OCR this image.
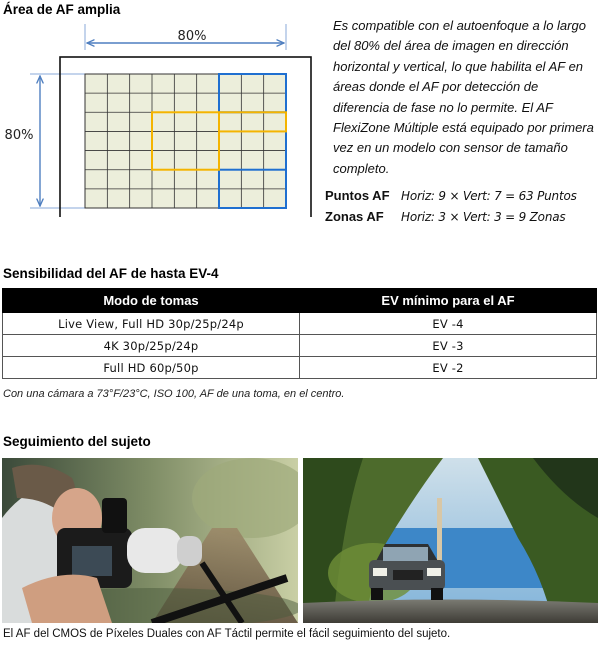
Área de AF amplia
80%
80%
Es compatible con el autoenfoque a lo largo del 80% del área de imagen en dirección horizontal y vertical, lo que habilita el AF en áreas donde el AF por detección de diferencia de fase no lo permite. El AF FlexiZone Múltiple está equipado por primera vez en un modelo con sensor de tamaño completo.
Puntos AF Horiz: 9 × Vert: 7 = 63 Puntos
Zonas AF Horiz: 3 × Vert: 3 = 9 Zonas
Sensibilidad del AF de hasta EV-4
Modo de tomas	EV mínimo para el AF
Live View, Full HD 30p/25p/24p	EV -4
4K 30p/25p/24p	EV -3
Full HD 60p/50p	EV -2
Con una cámara a 73°F/23°C, ISO 100, AF de una toma, en el centro.
Seguimiento del sujeto
El AF del CMOS de Píxeles Duales con AF Táctil permite el fácil seguimiento del sujeto.
